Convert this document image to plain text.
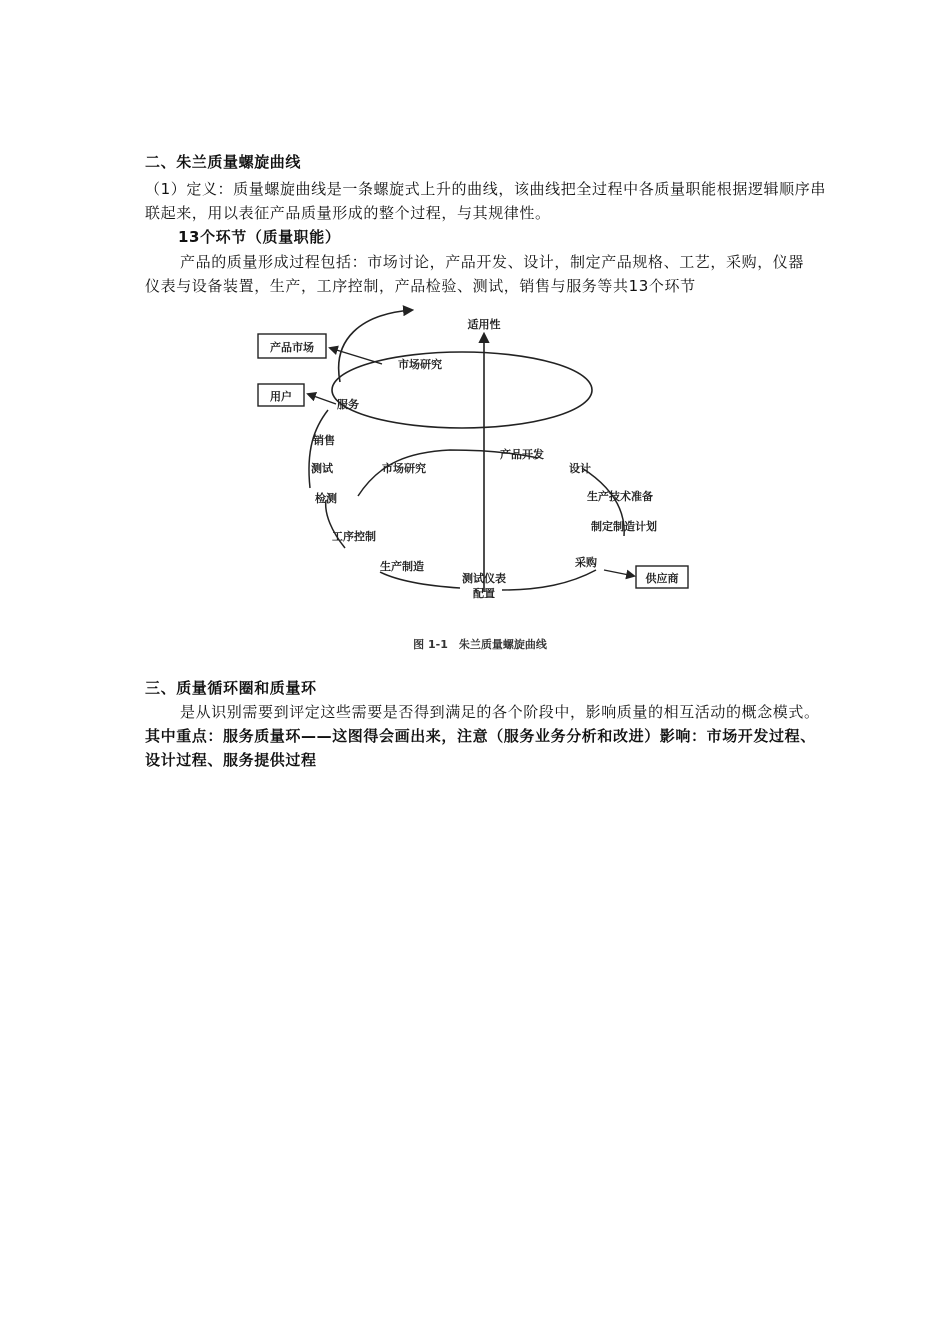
二、朱兰质量螺旋曲线
（1）定义：质量螺旋曲线是一条螺旋式上升的曲线，该曲线把全过程中各质量职能根据逻辑顺序串
联起来，用以表征产品质量形成的整个过程，与其规律性。
13个环节（质量职能）
产品的质量形成过程包括：市场讨论，产品开发、设计，制定产品规格、工艺，采购，仪器
仪表与设备装置，生产，工序控制，产品检验、测试，销售与服务等共13个环节
产品市场
用户
供应商
适用性
市场研究
服务
销售
测试
检测
工序控制
生产制造
测试仪表
配置
采购
制定制造计划
生产技术准备
设计
产品开发
市场研究
图 1-1　朱兰质量螺旋曲线
三、质量循环圈和质量环
是从识别需要到评定这些需要是否得到满足的各个阶段中，影响质量的相互活动的概念模式。
其中重点：服务质量环——这图得会画出来，注意（服务业务分析和改进）影响：市场开发过程、
设计过程、服务提供过程
